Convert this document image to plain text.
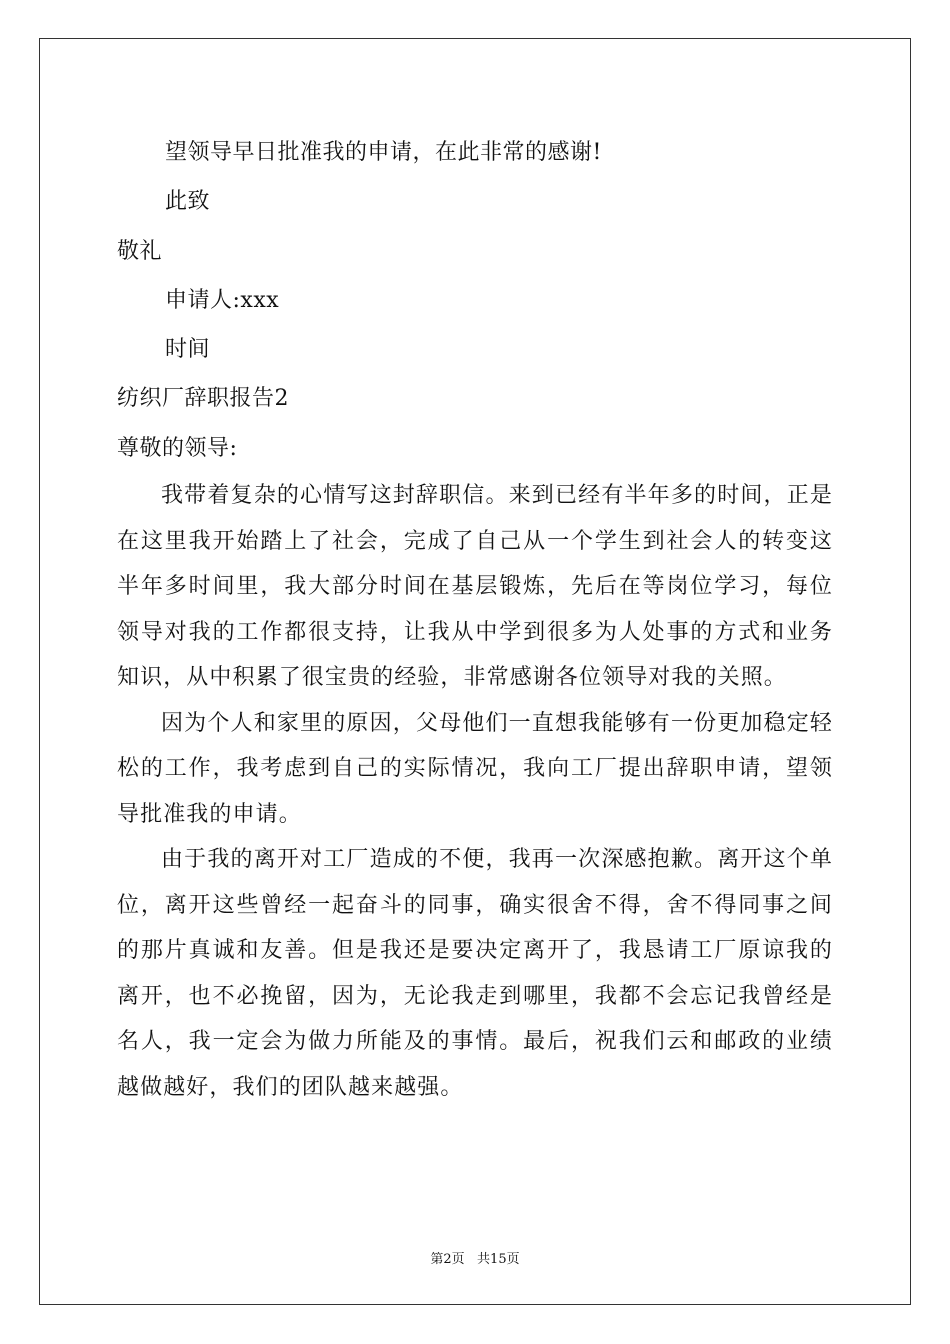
望领导早日批准我的申请，在此非常的感谢!
此致
敬礼
申请人:xxx
时间
纺织厂辞职报告2
尊敬的领导:

我带着复杂的心情写这封辞职信。来到已经有半年多的时间，正是在这里我开始踏上了社会，完成了自己从一个学生到社会人的转变这半年多时间里，我大部分时间在基层锻炼，先后在等岗位学习，每位领导对我的工作都很支持，让我从中学到很多为人处事的方式和业务知识，从中积累了很宝贵的经验，非常感谢各位领导对我的关照。

因为个人和家里的原因，父母他们一直想我能够有一份更加稳定轻松的工作，我考虑到自己的实际情况，我向工厂提出辞职申请，望领导批准我的申请。

由于我的离开对工厂造成的不便，我再一次深感抱歉。离开这个单位，离开这些曾经一起奋斗的同事，确实很舍不得，舍不得同事之间的那片真诚和友善。但是我还是要决定离开了，我恳请工厂原谅我的离开，也不必挽留，因为，无论我走到哪里，我都不会忘记我曾经是名人，我一定会为做力所能及的事情。最后，祝我们云和邮政的业绩越做越好，我们的团队越来越强。

第2页   共15页
